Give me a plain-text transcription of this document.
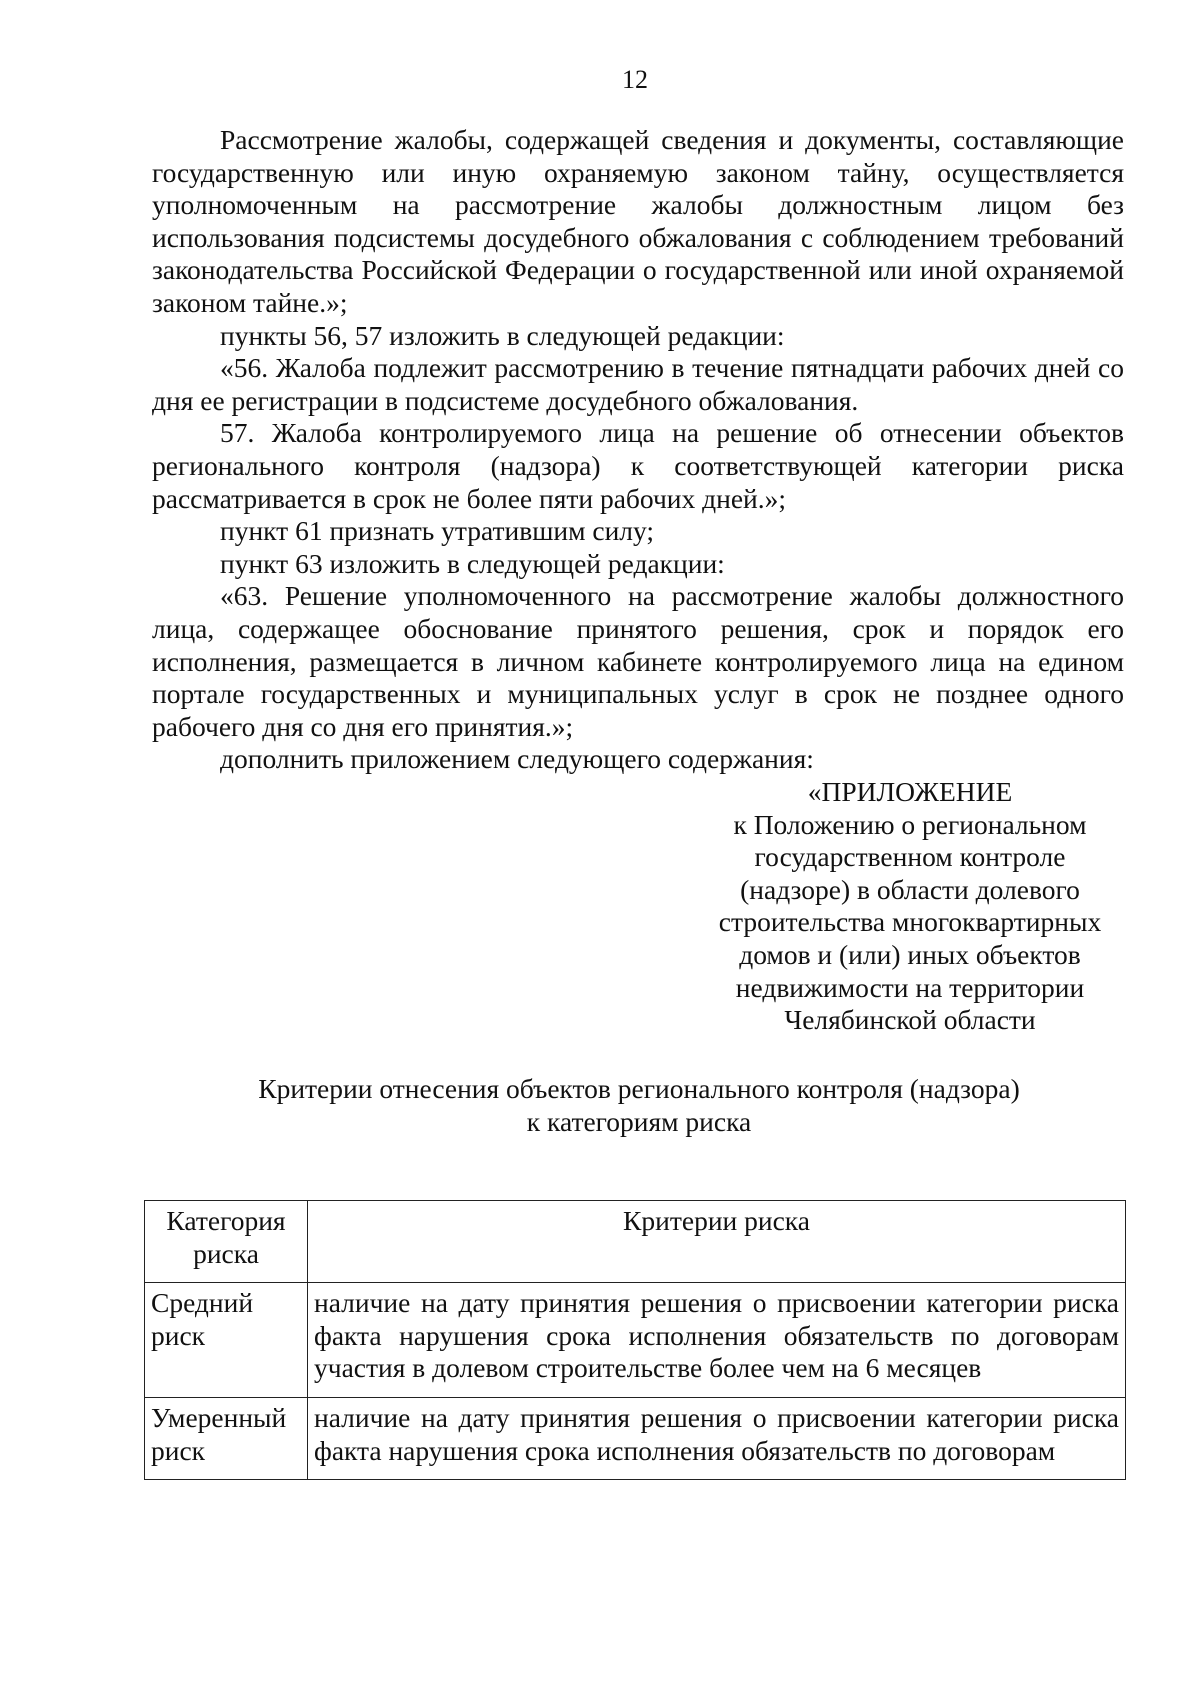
12

Рассмотрение жалобы, содержащей сведения и документы, составляющие государственную или иную охраняемую законом тайну, осуществляется уполномоченным на рассмотрение жалобы должностным лицом без использования подсистемы досудебного обжалования с соблюдением требований законодательства Российской Федерации о государственной или иной охраняемой законом тайне.»;

пункты 56, 57 изложить в следующей редакции:

«56. Жалоба подлежит рассмотрению в течение пятнадцати рабочих дней со дня ее регистрации в подсистеме досудебного обжалования.

57. Жалоба контролируемого лица на решение об отнесении объектов регионального контроля (надзора) к соответствующей категории риска рассматривается в срок не более пяти рабочих дней.»;

пункт 61 признать утратившим силу;

пункт 63 изложить в следующей редакции:

«63. Решение уполномоченного на рассмотрение жалобы должностного лица, содержащее обоснование принятого решения, срок и порядок его исполнения, размещается в личном кабинете контролируемого лица на едином портале государственных и муниципальных услуг в срок не позднее одного рабочего дня со дня его принятия.»;

дополнить приложением следующего содержания:

«ПРИЛОЖЕНИЕ
к Положению о региональном
государственном контроле
(надзоре) в области долевого
строительства многоквартирных
домов и (или) иных объектов
недвижимости на территории
Челябинской области
Критерии отнесения объектов регионального контроля (надзора)
к категориям риска
Категория риска	Критерии риска
Средний риск	наличие на дату принятия решения о присвоении категории риска факта нарушения срока исполнения обязательств по договорам участия в долевом строительстве более чем на 6 месяцев
Умеренный риск	наличие на дату принятия решения о присвоении категории риска факта нарушения срока исполнения обязательств по договорам
